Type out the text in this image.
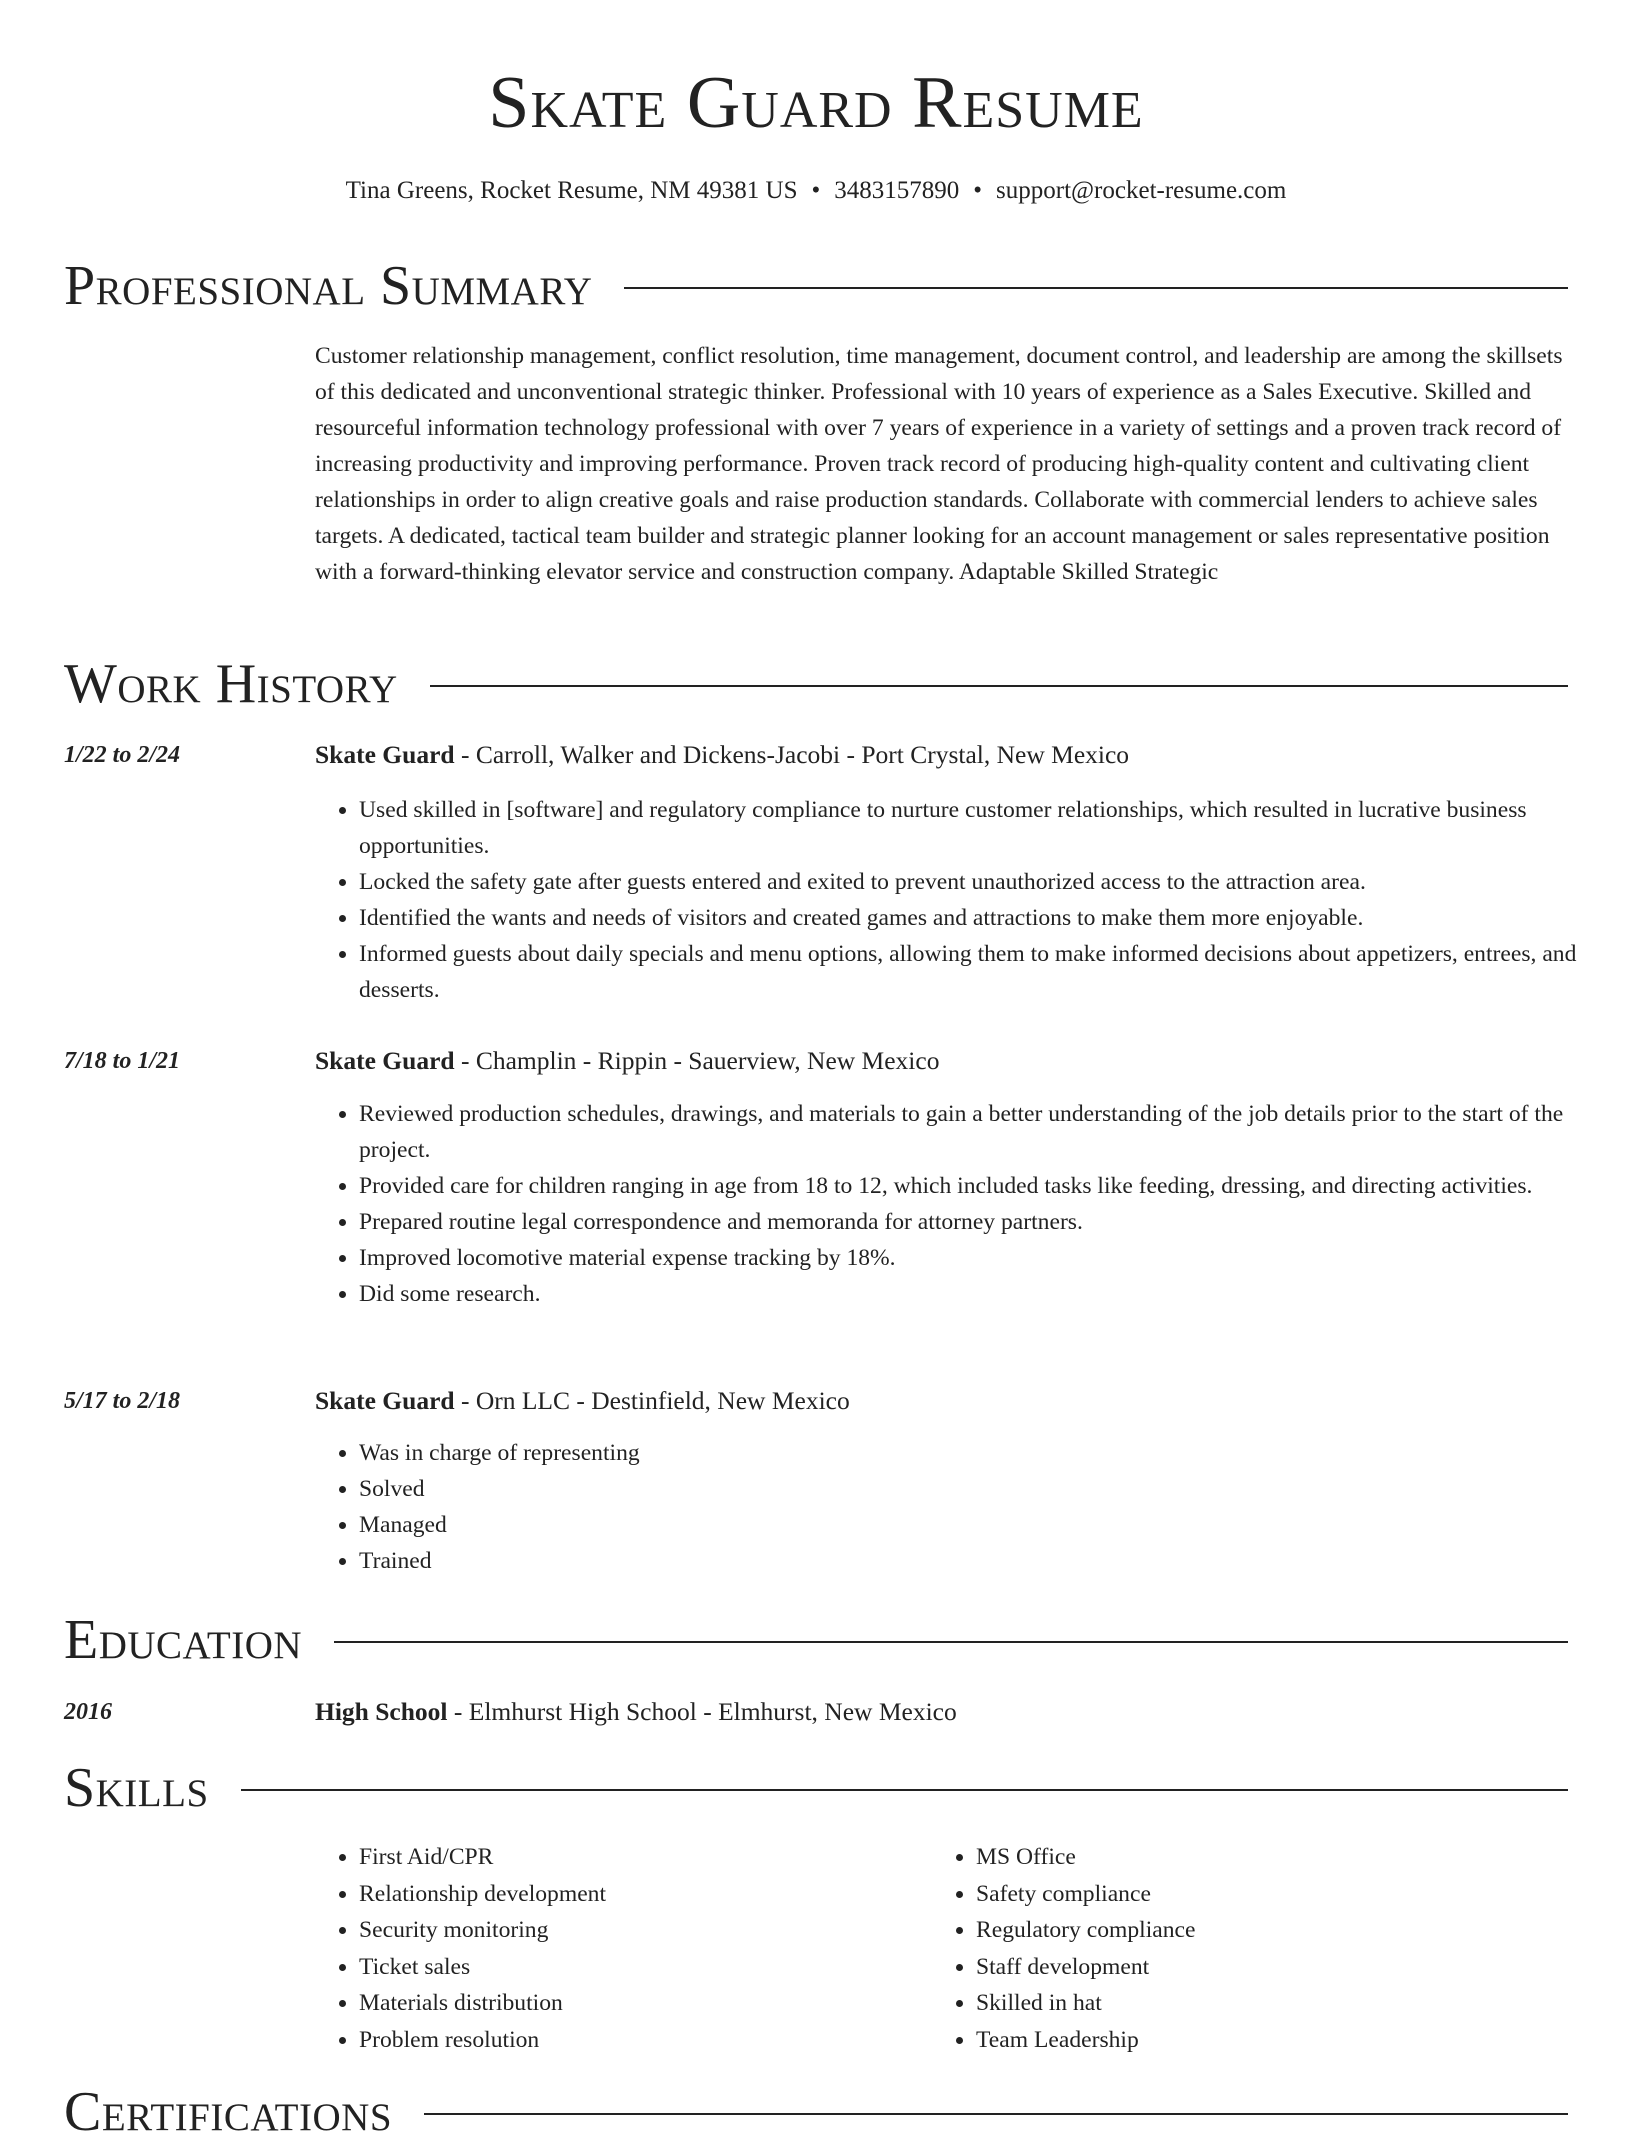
Skate Guard Resume
Tina Greens, Rocket Resume, NM 49381 US • 3483157890 • support@rocket-resume.com
Professional Summary
Customer relationship management, conflict resolution, time management, document control, and leadership are among the skillsets of this dedicated and unconventional strategic thinker. Professional with 10 years of experience as a Sales Executive. Skilled and resourceful information technology professional with over 7 years of experience in a variety of settings and a proven track record of increasing productivity and improving performance. Proven track record of producing high-quality content and cultivating client relationships in order to align creative goals and raise production standards. Collaborate with commercial lenders to achieve sales targets. A dedicated, tactical team builder and strategic planner looking for an account management or sales representative position with a forward-thinking elevator service and construction company. Adaptable Skilled Strategic
Work History
1/22 to 2/24	Skate Guard - Carroll, Walker and Dickens-Jacobi - Port Crystal, New Mexico
• Used skilled in [software] and regulatory compliance to nurture customer relationships, which resulted in lucrative business opportunities.
• Locked the safety gate after guests entered and exited to prevent unauthorized access to the attraction area.
• Identified the wants and needs of visitors and created games and attractions to make them more enjoyable.
• Informed guests about daily specials and menu options, allowing them to make informed decisions about appetizers, entrees, and desserts.
7/18 to 1/21	Skate Guard - Champlin - Rippin - Sauerview, New Mexico
• Reviewed production schedules, drawings, and materials to gain a better understanding of the job details prior to the start of the project.
• Provided care for children ranging in age from 18 to 12, which included tasks like feeding, dressing, and directing activities.
• Prepared routine legal correspondence and memoranda for attorney partners.
• Improved locomotive material expense tracking by 18%.
• Did some research.
5/17 to 2/18	Skate Guard - Orn LLC - Destinfield, New Mexico
• Was in charge of representing
• Solved
• Managed
• Trained
Education
2016	High School - Elmhurst High School - Elmhurst, New Mexico
Skills
• First Aid/CPR
• Relationship development
• Security monitoring
• Ticket sales
• Materials distribution
• Problem resolution
• MS Office
• Safety compliance
• Regulatory compliance
• Staff development
• Skilled in hat
• Team Leadership
Certifications
